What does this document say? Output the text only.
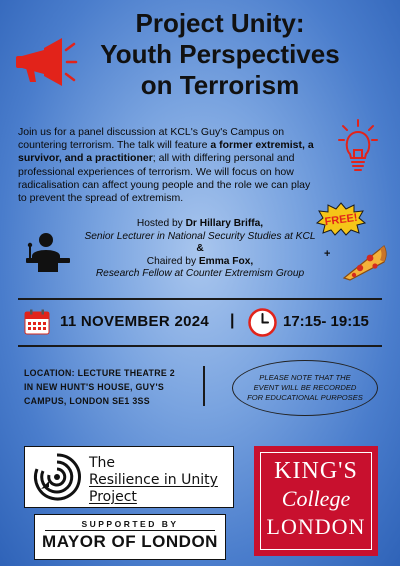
Project Unity:
Youth Perspectives
on Terrorism
Join us for a panel discussion at KCL's Guy's Campus on countering terrorism. The talk will feature a former extremist, a survivor, and a practitioner; all with differing personal and professional experiences of terrorism. We will focus on how radicalisation can affect young people and the role we can play to prevent the spread of extremism.
Hosted by Dr Hillary Briffa,
Senior Lecturer in National Security Studies at KCL
&
Chaired by Emma Fox,
Research Fellow at Counter Extremism Group
FREE!
+
11 NOVEMBER 2024 |	17:15- 19:15
LOCATION: LECTURE THEATRE 2
IN NEW HUNT'S HOUSE, GUY'S
CAMPUS, LONDON SE1 3SS
PLEASE NOTE THAT THE EVENT WILL BE RECORDED FOR EDUCATIONAL PURPOSES
The
Resilience in Unity
Project
SUPPORTED BY
MAYOR OF LONDON
KING'S
College
LONDON
